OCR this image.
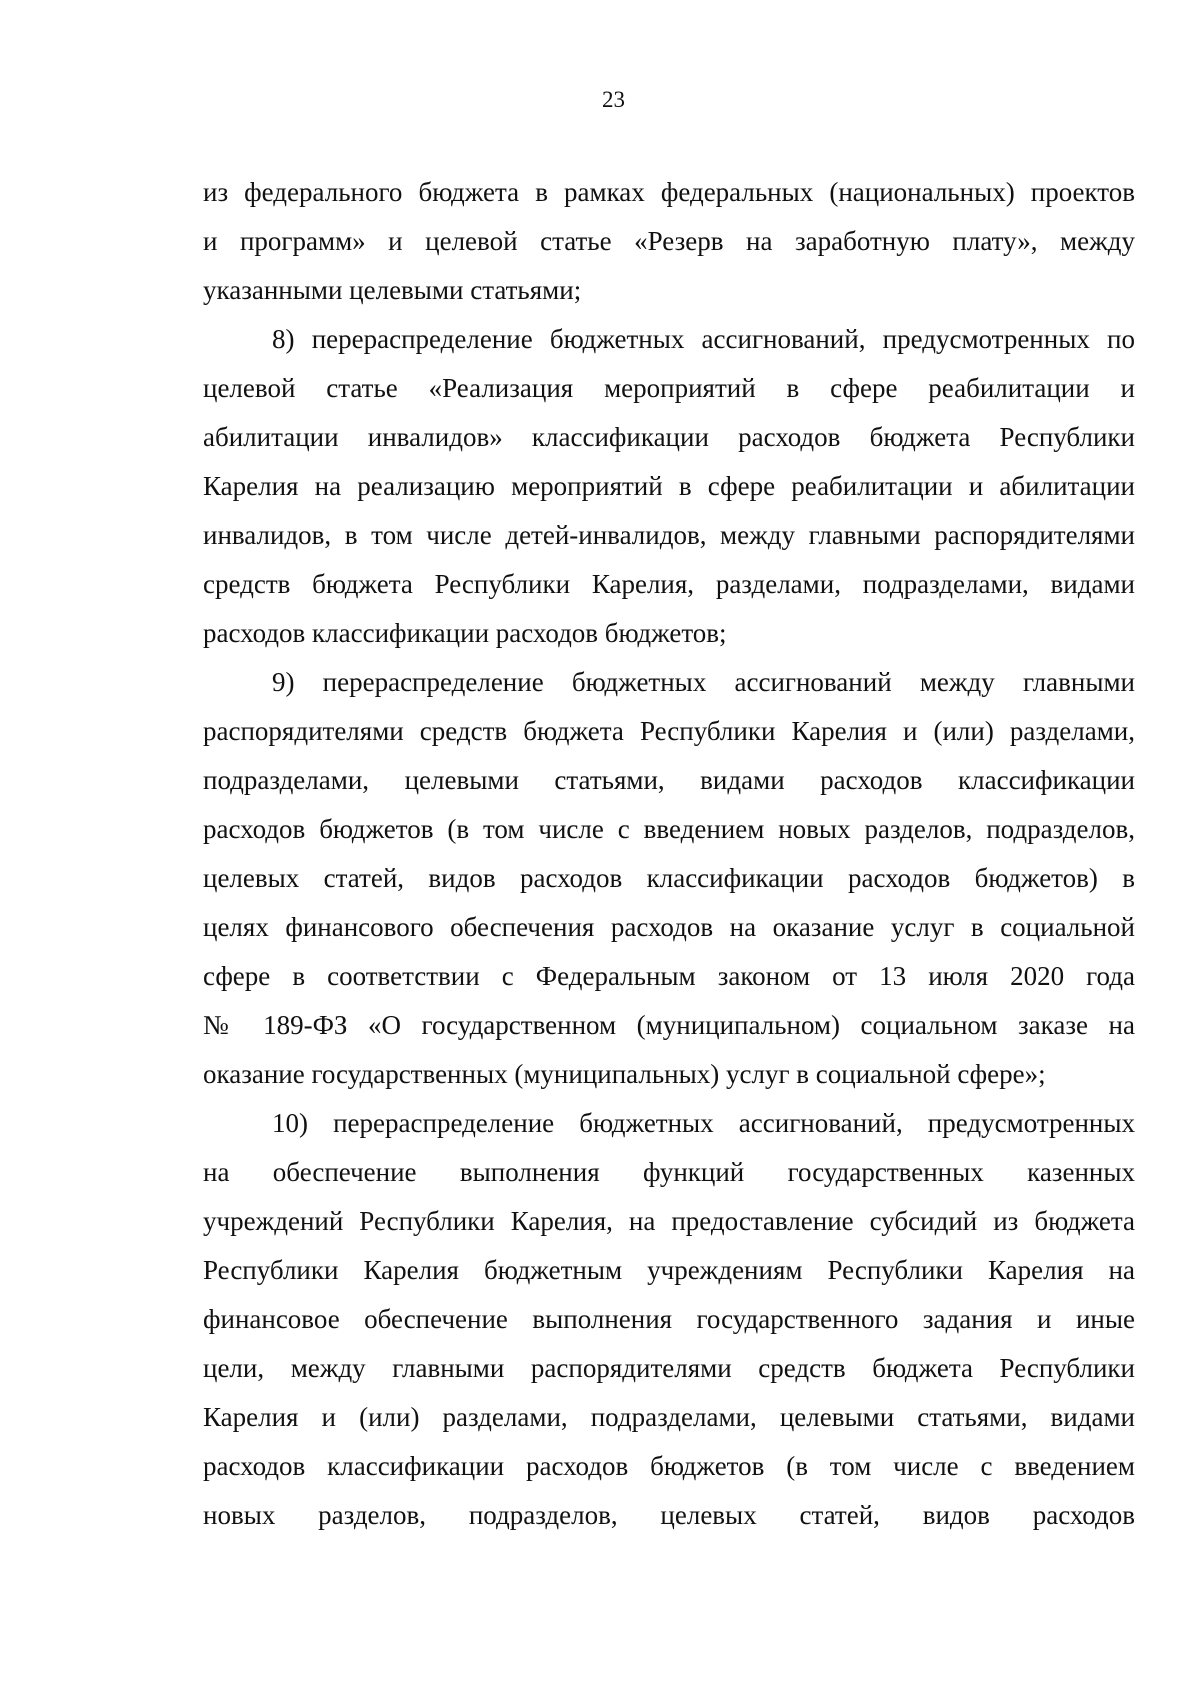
23
из федерального бюджета в рамках федеральных (национальных) проектов
и программ» и целевой статье «Резерв на заработную плату», между
указанными целевыми статьями;
8) перераспределение бюджетных ассигнований, предусмотренных по
целевой статье «Реализация мероприятий в сфере реабилитации и
абилитации инвалидов» классификации расходов бюджета Республики
Карелия на реализацию мероприятий в сфере реабилитации и абилитации
инвалидов, в том числе детей-инвалидов, между главными распорядителями
средств бюджета Республики Карелия, разделами, подразделами, видами
расходов классификации расходов бюджетов;
9) перераспределение бюджетных ассигнований между главными
распорядителями средств бюджета Республики Карелия и (или) разделами,
подразделами, целевыми статьями, видами расходов классификации
расходов бюджетов (в том числе с введением новых разделов, подразделов,
целевых статей, видов расходов классификации расходов бюджетов) в
целях финансового обеспечения расходов на оказание услуг в социальной
сфере в соответствии с Федеральным законом от 13 июля 2020 года
№ 189-ФЗ «О государственном (муниципальном) социальном заказе на
оказание государственных (муниципальных) услуг в социальной сфере»;
10) перераспределение бюджетных ассигнований, предусмотренных
на обеспечение выполнения функций государственных казенных
учреждений Республики Карелия, на предоставление субсидий из бюджета
Республики Карелия бюджетным учреждениям Республики Карелия на
финансовое обеспечение выполнения государственного задания и иные
цели, между главными распорядителями средств бюджета Республики
Карелия и (или) разделами, подразделами, целевыми статьями, видами
расходов классификации расходов бюджетов (в том числе с введением
новых разделов, подразделов, целевых статей, видов расходов
